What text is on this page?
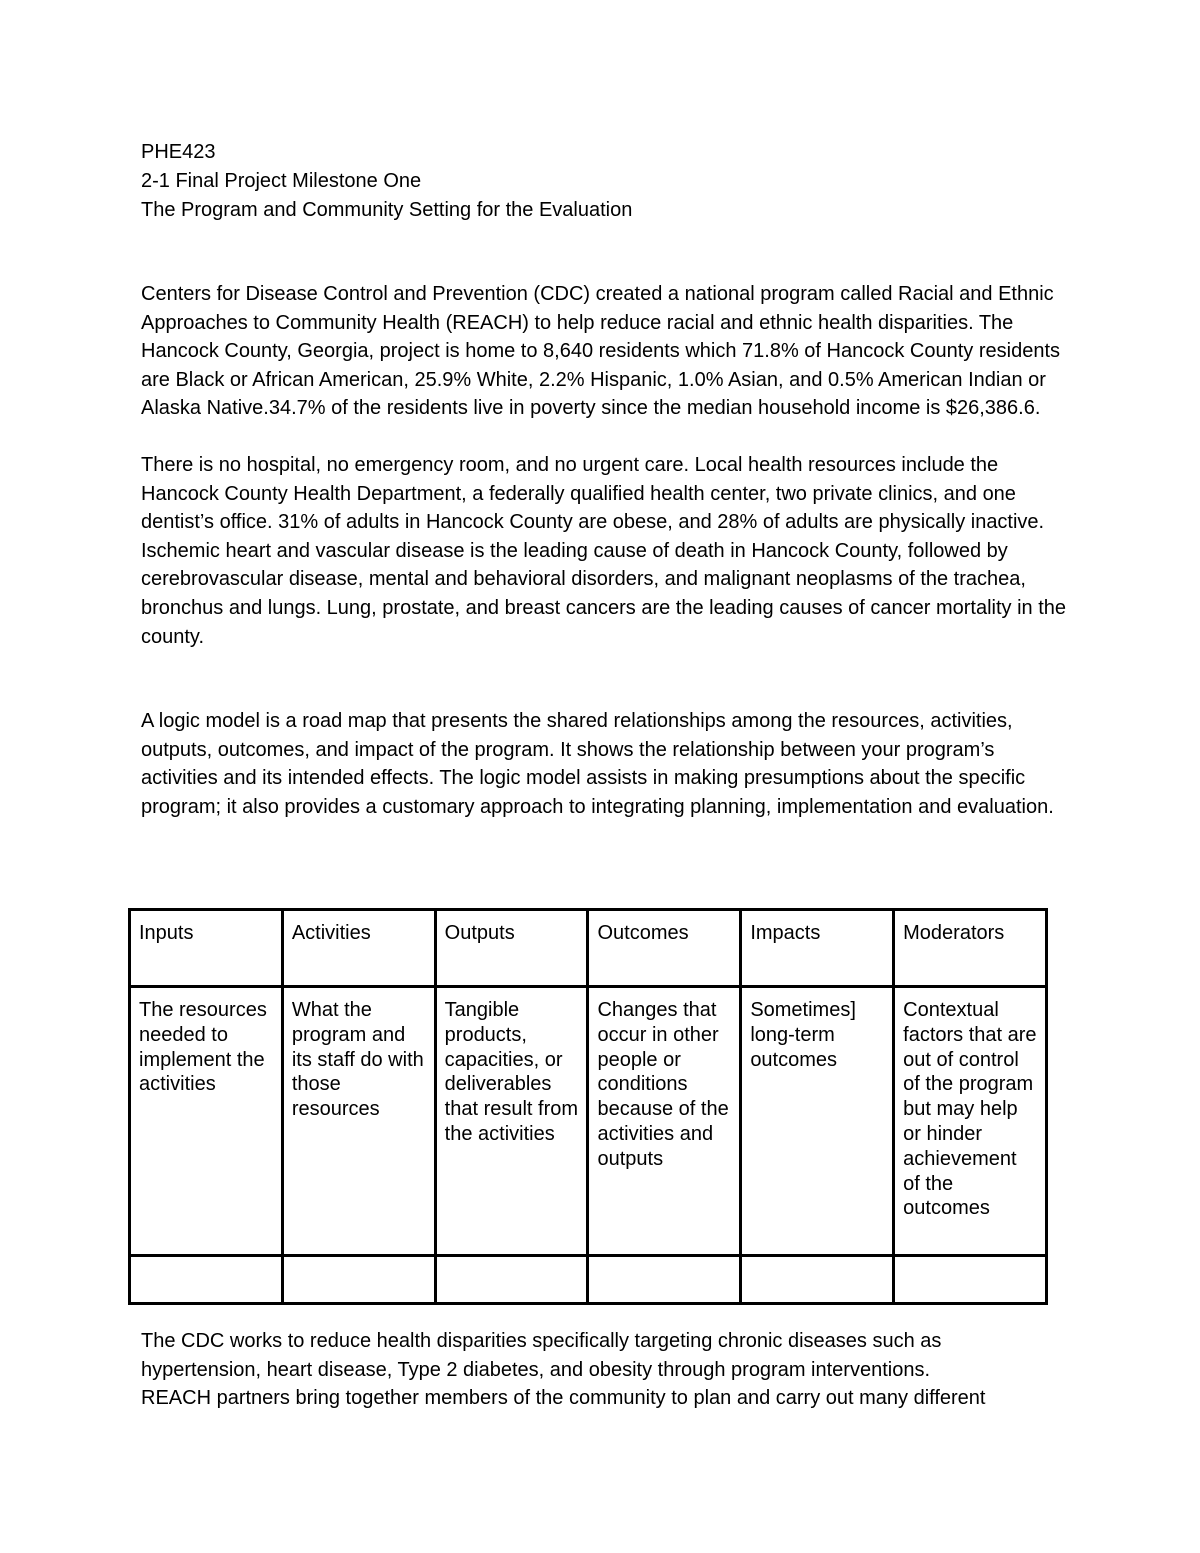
PHE423

2-1 Final Project Milestone One

The Program and Community Setting for the Evaluation

Centers for Disease Control and Prevention (CDC) created a national program called Racial and Ethnic Approaches to Community Health (REACH) to help reduce racial and ethnic health disparities. The Hancock County, Georgia, project is home to 8,640 residents which 71.8% of Hancock County residents are Black or African American, 25.9% White, 2.2% Hispanic, 1.0% Asian, and 0.5% American Indian or Alaska Native.34.7% of the residents live in poverty since the median household income is $26,386.6.

There is no hospital, no emergency room, and no urgent care. Local health resources include the Hancock County Health Department, a federally qualified health center, two private clinics, and one dentist’s office. 31% of adults in Hancock County are obese, and 28% of adults are physically inactive. Ischemic heart and vascular disease is the leading cause of death in Hancock County, followed by cerebrovascular disease, mental and behavioral disorders, and malignant neoplasms of the trachea, bronchus and lungs. Lung, prostate, and breast cancers are the leading causes of cancer mortality in the county.

A logic model is a road map that presents the shared relationships among the resources, activities, outputs, outcomes, and impact of the program. It shows the relationship between your program’s activities and its intended effects. The logic model assists in making presumptions about the specific program; it also provides a customary approach to integrating planning, implementation and evaluation.

Inputs	Activities	Outputs	Outcomes	Impacts	Moderators
The resources needed to implement the activities	What the program and its staff do with those resources	Tangible products, capacities, or deliverables that result from the activities	Changes that occur in other people or conditions because of the activities and outputs	Sometimes] long-term outcomes	Contextual factors that are out of control of the program but may help or hinder achievement of the outcomes

The CDC works to reduce health disparities specifically targeting chronic diseases such as

hypertension, heart disease, Type 2 diabetes, and obesity through program interventions.

REACH partners bring together members of the community to plan and carry out many different
